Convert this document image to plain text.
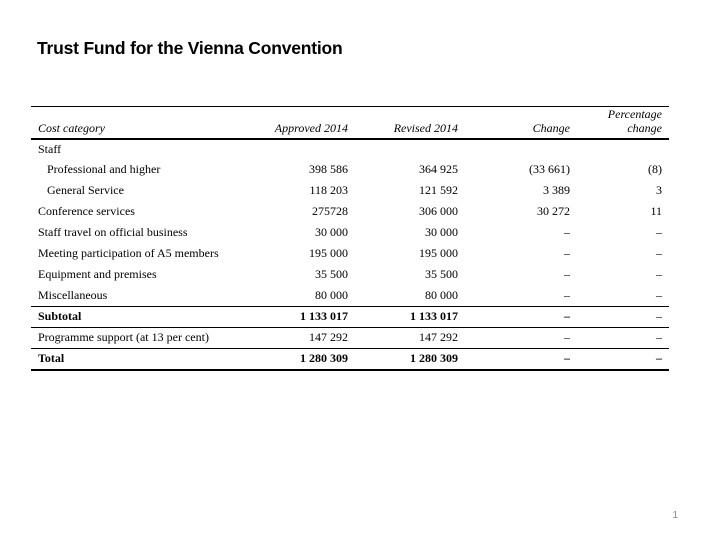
Trust Fund for the Vienna Convention
Cost category	Approved 2014	Revised 2014	Change	Percentage
change
Staff				
Professional and higher	398 586	364 925	(33 661)	(8)
General Service	118 203	121 592	3 389	3
Conference services	275728	306 000	30 272	11
Staff travel on official business	30 000	30 000	–	–
Meeting participation of A5 members	195 000	195 000	–	–
Equipment and premises	35 500	35 500	–	–
Miscellaneous	80 000	80 000	–	–
Subtotal	1 133 017	1 133 017	–	–
Programme support (at 13 per cent)	147 292	147 292	–	–
Total	1 280 309	1 280 309	–	–
1
